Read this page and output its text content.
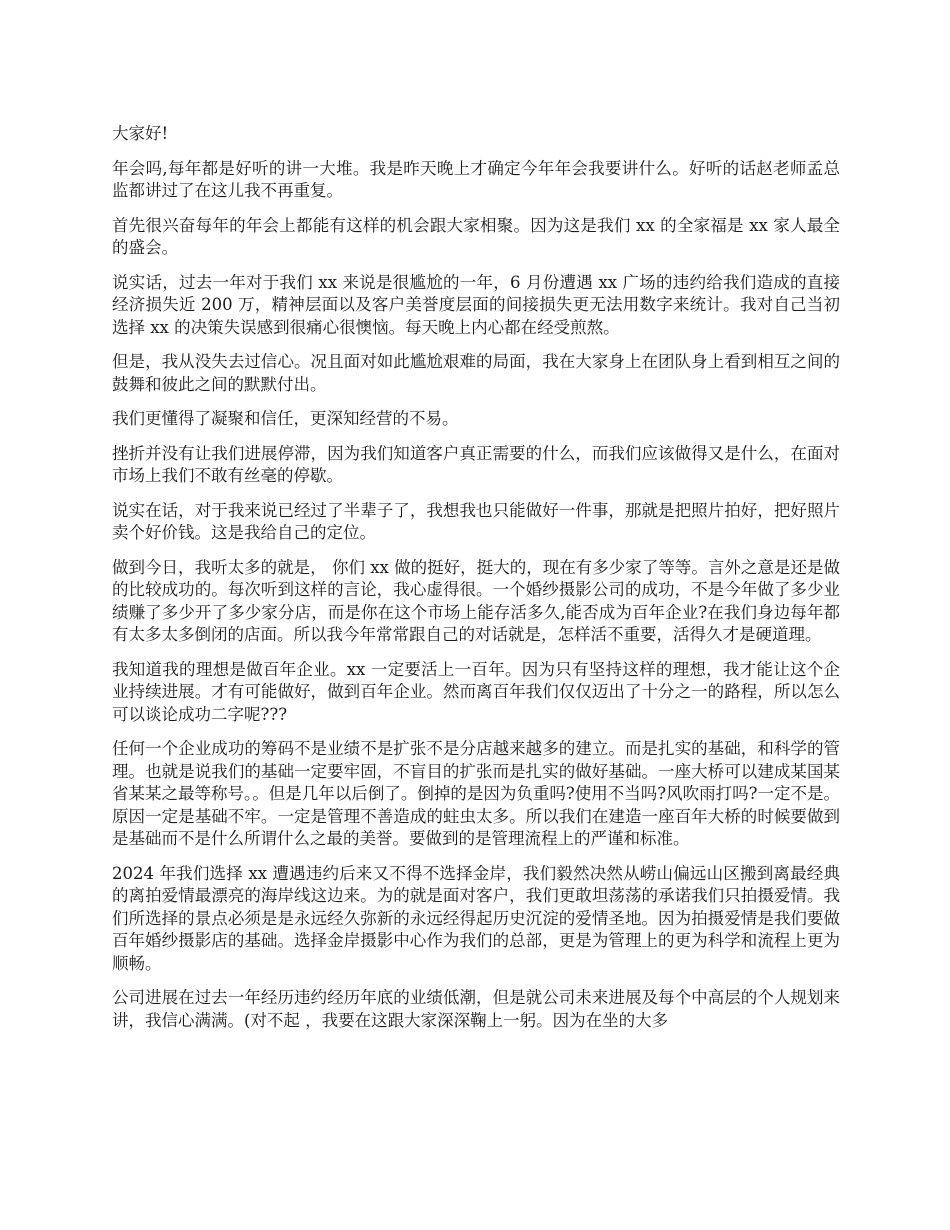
大家好!

年会吗,每年都是好听的讲一大堆。我是昨天晚上才确定今年年会我要讲什么。好听的话赵老师孟总监都讲过了在这儿我不再重复。

首先很兴奋每年的年会上都能有这样的机会跟大家相聚。因为这是我们 xx 的全家福是 xx 家人最全的盛会。

说实话，过去一年对于我们 xx 来说是很尴尬的一年，6 月份遭遇 xx 广场的违约给我们造成的直接经济损失近 200 万，精神层面以及客户美誉度层面的间接损失更无法用数字来统计。我对自己当初选择 xx 的决策失误感到很痛心很懊恼。每天晚上内心都在经受煎熬。

但是，我从没失去过信心。况且面对如此尴尬艰难的局面，我在大家身上在团队身上看到相互之间的鼓舞和彼此之间的默默付出。

我们更懂得了凝聚和信任，更深知经营的不易。

挫折并没有让我们进展停滞，因为我们知道客户真正需要的什么，而我们应该做得又是什么，在面对市场上我们不敢有丝毫的停歇。

说实在话，对于我来说已经过了半辈子了，我想我也只能做好一件事，那就是把照片拍好，把好照片卖个好价钱。这是我给自己的定位。

做到今日，我听太多的就是， 你们 xx 做的挺好，挺大的，现在有多少家了等等。言外之意是还是做的比较成功的。每次听到这样的言论，我心虚得很。一个婚纱摄影公司的成功，不是今年做了多少业绩赚了多少开了多少家分店，而是你在这个市场上能存活多久,能否成为百年企业?在我们身边每年都有太多太多倒闭的店面。所以我今年常常跟自己的对话就是，怎样活不重要，活得久才是硬道理。

我知道我的理想是做百年企业。xx 一定要活上一百年。因为只有坚持这样的理想，我才能让这个企业持续进展。才有可能做好，做到百年企业。然而离百年我们仅仅迈出了十分之一的路程，所以怎么可以谈论成功二字呢???

任何一个企业成功的筹码不是业绩不是扩张不是分店越来越多的建立。而是扎实的基础，和科学的管理。也就是说我们的基础一定要牢固，不盲目的扩张而是扎实的做好基础。一座大桥可以建成某国某省某某之最等称号。。但是几年以后倒了。倒掉的是因为负重吗?使用不当吗?风吹雨打吗?一定不是。原因一定是基础不牢。一定是管理不善造成的蛀虫太多。所以我们在建造一座百年大桥的时候要做到是基础而不是什么所谓什么之最的美誉。要做到的是管理流程上的严谨和标准。

2024 年我们选择 xx 遭遇违约后来又不得不选择金岸，我们毅然决然从崂山偏远山区搬到离最经典的离拍爱情最漂亮的海岸线这边来。为的就是面对客户，我们更敢坦荡荡的承诺我们只拍摄爱情。我们所选择的景点必须是是永远经久弥新的永远经得起历史沉淀的爱情圣地。因为拍摄爱情是我们要做百年婚纱摄影店的基础。选择金岸摄影中心作为我们的总部，更是为管理上的更为科学和流程上更为顺畅。

公司进展在过去一年经历违约经历年底的业绩低潮，但是就公司未来进展及每个中高层的个人规划来讲，我信心满满。(对不起 ，我要在这跟大家深深鞠上一躬。因为在坐的大多
